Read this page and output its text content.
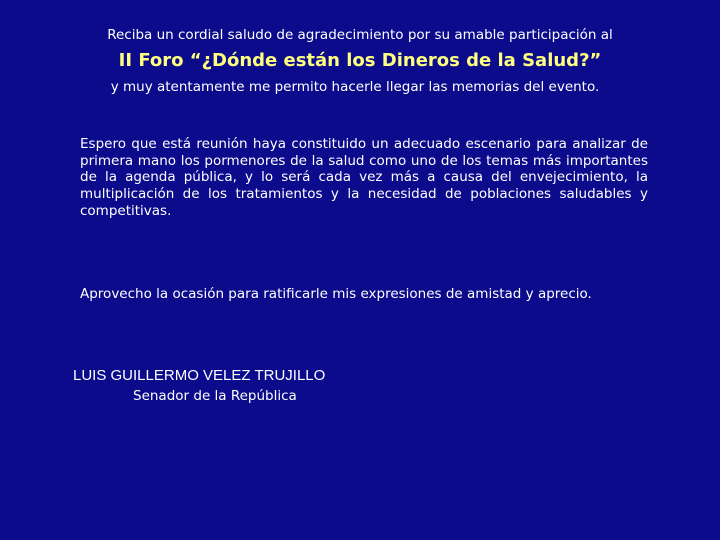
Reciba un cordial saludo de agradecimiento por su amable participación al
II Foro “¿Dónde están los Dineros de la Salud?”
y muy atentamente me permito hacerle llegar las memorias del evento.
Espero que está reunión haya constituido un adecuado escenario para analizar de primera mano los pormenores de la salud como uno de los temas más importantes de la agenda pública, y lo será cada vez más a causa del envejecimiento, la multiplicación de los tratamientos y la necesidad de poblaciones saludables y competitivas.
Aprovecho la ocasión para ratificarle mis expresiones de amistad y aprecio.
LUIS GUILLERMO VELEZ TRUJILLO
Senador de la República
